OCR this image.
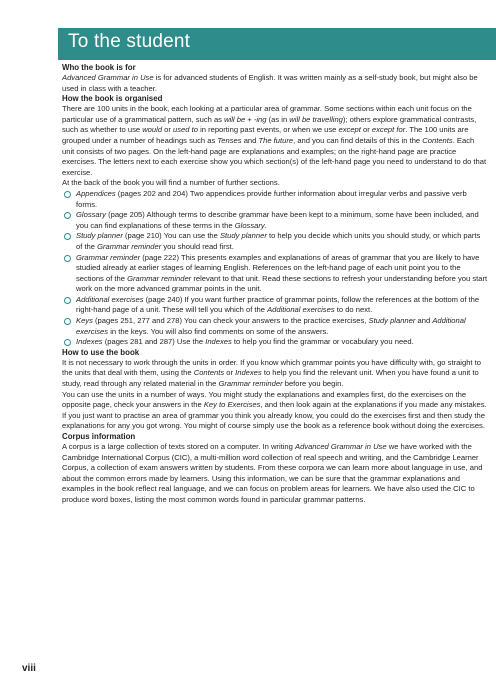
To the student
Who the book is for

Advanced Grammar in Use is for advanced students of English. It was written mainly as a self-study book, but might also be used in class with a teacher.

How the book is organised

There are 100 units in the book, each looking at a particular area of grammar. Some sections within each unit focus on the particular use of a grammatical pattern, such as will be + -ing (as in will be travelling); others explore grammatical contrasts, such as whether to use would or used to in reporting past events, or when we use except or except for. The 100 units are grouped under a number of headings such as Tenses and The future, and you can find details of this in the Contents. Each unit consists of two pages. On the left-hand page are explanations and examples; on the right-hand page are practice exercises. The letters next to each exercise show you which section(s) of the left-hand page you need to understand to do that exercise.

At the back of the book you will find a number of further sections.

Appendices (pages 202 and 204) Two appendices provide further information about irregular verbs and passive verb forms.
Glossary (page 205) Although terms to describe grammar have been kept to a minimum, some have been included, and you can find explanations of these terms in the Glossary.
Study planner (page 210) You can use the Study planner to help you decide which units you should study, or which parts of the Grammar reminder you should read first.
Grammar reminder (page 222) This presents examples and explanations of areas of grammar that you are likely to have studied already at earlier stages of learning English. References on the left-hand page of each unit point you to the sections of the Grammar reminder relevant to that unit. Read these sections to refresh your understanding before you start work on the more advanced grammar points in the unit.
Additional exercises (page 240) If you want further practice of grammar points, follow the references at the bottom of the right-hand page of a unit. These will tell you which of the Additional exercises to do next.
Keys (pages 251, 277 and 278) You can check your answers to the practice exercises, Study planner and Additional exercises in the keys. You will also find comments on some of the answers.
Indexes (pages 281 and 287) Use the Indexes to help you find the grammar or vocabulary you need.
How to use the book

It is not necessary to work through the units in order. If you know which grammar points you have difficulty with, go straight to the units that deal with them, using the Contents or Indexes to help you find the relevant unit. When you have found a unit to study, read through any related material in the Grammar reminder before you begin.

You can use the units in a number of ways. You might study the explanations and examples first, do the exercises on the opposite page, check your answers in the Key to Exercises, and then look again at the explanations if you made any mistakes. If you just want to practise an area of grammar you think you already know, you could do the exercises first and then study the explanations for any you got wrong. You might of course simply use the book as a reference book without doing the exercises.

Corpus information

A corpus is a large collection of texts stored on a computer. In writing Advanced Grammar in Use we have worked with the Cambridge International Corpus (CIC), a multi-million word collection of real speech and writing, and the Cambridge Learner Corpus, a collection of exam answers written by students. From these corpora we can learn more about language in use, and about the common errors made by learners. Using this information, we can be sure that the grammar explanations and examples in the book reflect real language, and we can focus on problem areas for learners. We have also used the CIC to produce word boxes, listing the most common words found in particular grammar patterns.

viii
